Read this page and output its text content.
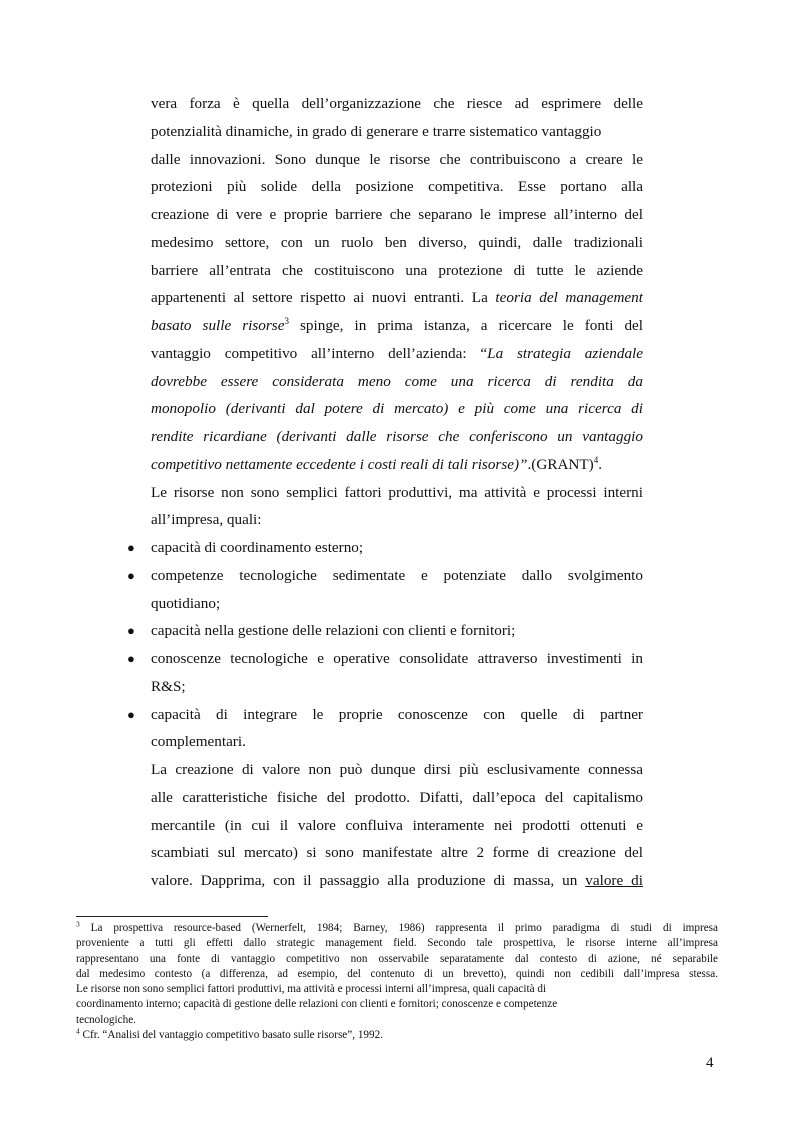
vera forza è quella dell’organizzazione che riesce ad esprimere delle
potenzialità dinamiche, in grado di generare e trarre sistematico vantaggio
dalle innovazioni. Sono dunque le risorse che contribuiscono a creare le
protezioni più solide della posizione competitiva. Esse portano alla
creazione di vere e proprie barriere che separano le imprese all’interno del
medesimo settore, con un ruolo ben diverso, quindi, dalle tradizionali
barriere all’entrata che costituiscono una protezione di tutte le aziende
appartenenti al settore rispetto ai nuovi entranti. La teoria del management
basato sulle risorse$^3$ spinge, in prima istanza, a ricercare le fonti del
vantaggio competitivo all’interno dell’azienda: “La strategia aziendale
dovrebbe essere considerata meno come una ricerca di rendita da
monopolio (derivanti dal potere di mercato) e più come una ricerca di
rendite ricardiane (derivanti dalle risorse che conferiscono un vantaggio
competitivo nettamente eccedente i costi reali di tali risorse)”.(GRANT)$^4$.
Le risorse non sono semplici fattori produttivi, ma attività e processi interni
all’impresa, quali:
● capacità di coordinamento esterno;
● competenze tecnologiche sedimentate e potenziate dallo svolgimento
quotidiano;
● capacità nella gestione delle relazioni con clienti e fornitori;
● conoscenze tecnologiche e operative consolidate attraverso investimenti in
R&S;
● capacità di integrare le proprie conoscenze con quelle di partner
complementari.
La creazione di valore non può dunque dirsi più esclusivamente connessa
alle caratteristiche fisiche del prodotto. Difatti, dall’epoca del capitalismo
mercantile (in cui il valore confluiva interamente nei prodotti ottenuti e
scambiati sul mercato) si sono manifestate altre 2 forme di creazione del
valore. Dapprima, con il passaggio alla produzione di massa, un valore di
$^3$ La prospettiva resource-based (Wernerfelt, 1984; Barney, 1986) rappresenta il primo paradigma di studi di impresa
proveniente a tutti gli effetti dallo strategic management field. Secondo tale prospettiva, le risorse interne all’impresa
rappresentano una fonte di vantaggio competitivo non osservabile separatamente dal contesto di azione, né separabile
dal medesimo contesto (a differenza, ad esempio, del contenuto di un brevetto), quindi non cedibili dall’impresa stessa.
Le risorse non sono semplici fattori produttivi, ma attività e processi interni all’impresa, quali capacità di
coordinamento interno; capacità di gestione delle relazioni con clienti e fornitori; conoscenze e competenze
tecnologiche.
$^4$ Cfr. “Analisi del vantaggio competitivo basato sulle risorse”, 1992.
4
